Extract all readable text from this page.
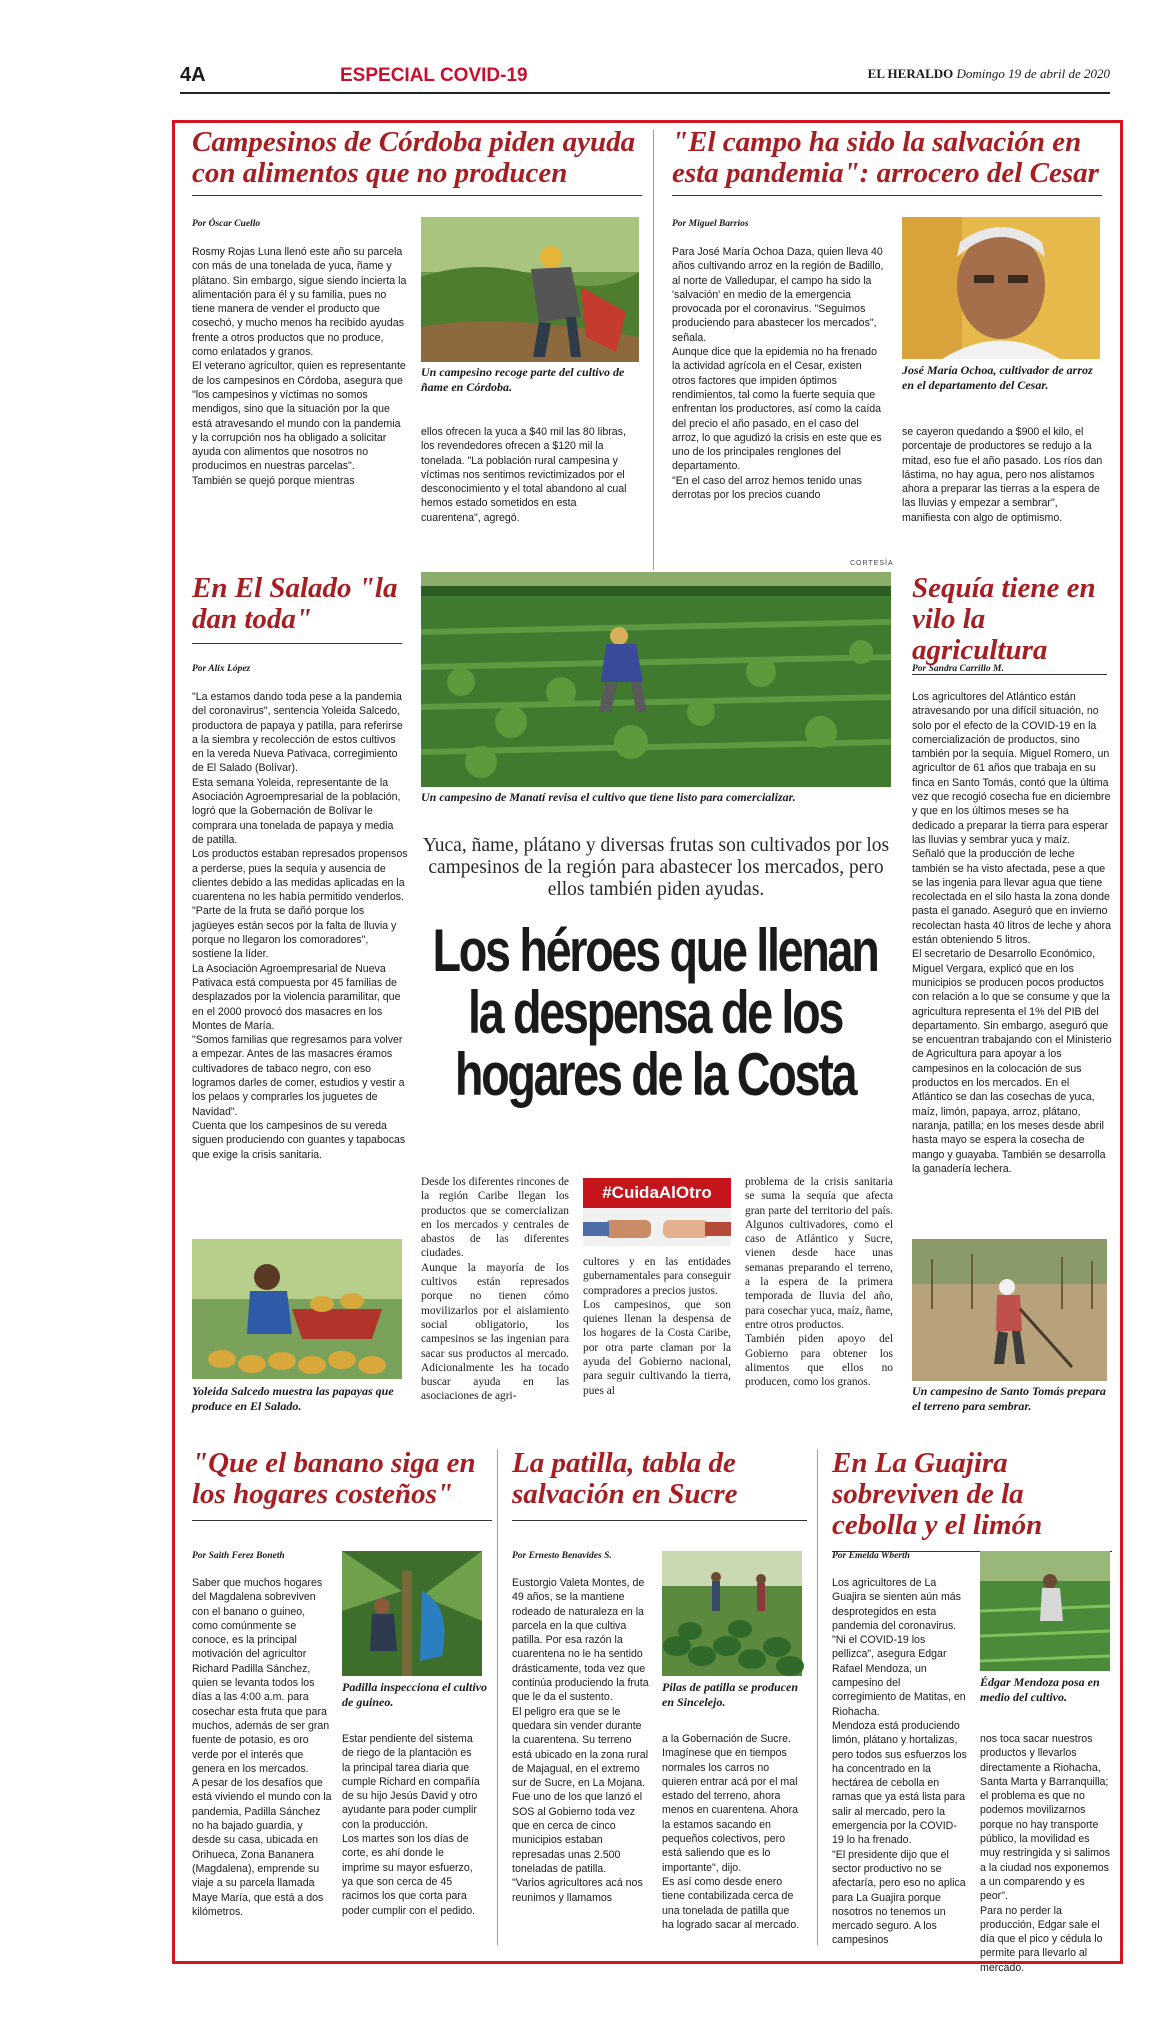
4A	ESPECIAL COVID-19	EL HERALDO Domingo 19 de abril de 2020
Campesinos de Córdoba piden ayuda con alimentos que no producen
Por Óscar Cuello
Rosmy Rojas Luna llenó este año su parcela con más de una tonelada de yuca, ñame y plátano. Sin embargo, sigue siendo incierta la alimentación para él y su familia, pues no tiene manera de vender el producto que cosechó, y mucho menos ha recibido ayudas frente a otros productos que no produce, como enlatados y granos.
El veterano agricultor, quien es representante de los campesinos en Córdoba, asegura que "los campesinos y víctimas no somos mendigos, sino que la situación por la que está atravesando el mundo con la pandemia y la corrupción nos ha obligado a solicitar ayuda con alimentos que nosotros no producimos en nuestras parcelas".
También se quejó porque mientras
Un campesino recoge parte del cultivo de ñame en Córdoba.
ellos ofrecen la yuca a $40 mil las 80 libras, los revendedores ofrecen a $120 mil la tonelada. "La población rural campesina y víctimas nos sentimos revictimizados por el desconocimiento y el total abandono al cual hemos estado sometidos en esta cuarentena", agregó.
"El campo ha sido la salvación en esta pandemia": arrocero del Cesar
Por Miguel Barrios
Para José María Ochoa Daza, quien lleva 40 años cultivando arroz en la región de Badillo, al norte de Valledupar, el campo ha sido la 'salvación' en medio de la emergencia provocada por el coronavirus. "Seguimos produciendo para abastecer los mercados", señala.
Aunque dice que la epidemia no ha frenado la actividad agrícola en el Cesar, existen otros factores que impiden óptimos rendimientos, tal como la fuerte sequía que enfrentan los productores, así como la caída del precio el año pasado, en el caso del arroz, lo que agudizó la crisis en este que es uno de los principales renglones del departamento.
"En el caso del arroz hemos tenido unas derrotas por los precios cuando
José María Ochoa, cultivador de arroz en el departamento del Cesar.
se cayeron quedando a $900 el kilo, el porcentaje de productores se redujo a la mitad, eso fue el año pasado. Los ríos dan lástima, no hay agua, pero nos alistamos ahora a preparar las tierras a la espera de las lluvias y empezar a sembrar", manifiesta con algo de optimismo.
En El Salado "la dan toda"
Por Alix López
"La estamos dando toda pese a la pandemia del coronavirus", sentencia Yoleida Salcedo, productora de papaya y patilla, para referirse a la siembra y recolección de estos cultivos en la vereda Nueva Pativaca, corregimiento de El Salado (Bolívar).
Esta semana Yoleida, representante de la Asociación Agroempresarial de la población, logró que la Gobernación de Bolívar le comprara una tonelada de papaya y media de patilla.
Los productos estaban represados propensos a perderse, pues la sequía y ausencia de clientes debido a las medidas aplicadas en la cuarentena no les había permitido venderlos.
"Parte de la fruta se dañó porque los jagüeyes están secos por la falta de lluvia y porque no llegaron los comoradores", sostiene la líder.
La Asociación Agroempresarial de Nueva Pativaca está compuesta por 45 familias de desplazados por la violencia paramilitar, que en el 2000 provocó dos masacres en los Montes de María.
"Somos familias que regresamos para volver a empezar. Antes de las masacres éramos cultivadores de tabaco negro, con eso logramos darles de comer, estudios y vestir a los pelaos y comprarles los juguetes de Navidad".
Cuenta que los campesinos de su vereda siguen produciendo con guantes y tapabocas que exige la crisis sanitaria.
Yoleida Salcedo muestra las papayas que produce en El Salado.
CORTESÍA
Un campesino de Manatí revisa el cultivo que tiene listo para comercializar.
Yuca, ñame, plátano y diversas frutas son cultivados por los campesinos de la región para abastecer los mercados, pero ellos también piden ayudas.
Los héroes que llenan la despensa de los hogares de la Costa
Desde los diferentes rincones de la región Caribe llegan los productos que se comercializan en los mercados y centrales de abastos de las diferentes ciudades.
Aunque la mayoría de los cultivos están represados porque no tienen cómo movilizarlos por el aislamiento social obligatorio, los campesinos se las ingenian para sacar sus productos al mercado. Adicionalmente les ha tocado buscar ayuda en las asociaciones de agri-
#CuidaAlOtro
cultores y en las entidades gubernamentales para conseguir compradores a precios justos.
Los campesinos, que son quienes llenan la despensa de los hogares de la Costa Caribe, por otra parte claman por la ayuda del Gobierno nacional, para seguir cultivando la tierra, pues al
problema de la crisis sanitaria se suma la sequía que afecta gran parte del territorio del país. Algunos cultivadores, como el caso de Atlántico y Sucre, vienen desde hace unas semanas preparando el terreno, a la espera de la primera temporada de lluvia del año, para cosechar yuca, maíz, ñame, entre otros productos.
También piden apoyo del Gobierno para obtener los alimentos que ellos no producen, como los granos.
Sequía tiene en vilo la agricultura
Por Sandra Carrillo M.
Los agricultores del Atlántico están atravesando por una difícil situación, no solo por el efecto de la COVID-19 en la comercialización de productos, sino también por la sequía. Miguel Romero, un agricultor de 61 años que trabaja en su finca en Santo Tomás, contó que la última vez que recogió cosecha fue en diciembre y que en los últimos meses se ha dedicado a preparar la tierra para esperar las lluvias y sembrar yuca y maíz.
Señaló que la producción de leche también se ha visto afectada, pese a que se las ingenia para llevar agua que tiene recolectada en el silo hasta la zona donde pasta el ganado. Aseguró que en invierno recolectan hasta 40 litros de leche y ahora están obteniendo 5 litros.
El secretario de Desarrollo Económico, Miguel Vergara, explicó que en los municipios se producen pocos productos con relación a lo que se consume y que la agricultura representa el 1% del PIB del departamento. Sin embargo, aseguró que se encuentran trabajando con el Ministerio de Agricultura para apoyar a los campesinos en la colocación de sus productos en los mercados. En el Atlántico se dan las cosechas de yuca, maíz, limón, papaya, arroz, plátano, naranja, patilla; en los meses desde abril hasta mayo se espera la cosecha de mango y guayaba. También se desarrolla la ganadería lechera.
Un campesino de Santo Tomás prepara el terreno para sembrar.
"Que el banano siga en los hogares costeños"
Por Saith Ferez Boneth
Saber que muchos hogares del Magdalena sobreviven con el banano o guineo, como comúnmente se conoce, es la principal motivación del agricultor Richard Padilla Sánchez, quien se levanta todos los días a las 4:00 a.m. para cosechar esta fruta que para muchos, además de ser gran fuente de potasio, es oro verde por el interés que genera en los mercados.
A pesar de los desafíos que está viviendo el mundo con la pandemia, Padilla Sánchez no ha bajado guardia, y desde su casa, ubicada en Orihueca, Zona Bananera (Magdalena), emprende su viaje a su parcela llamada Maye María, que está a dos kilómetros.
Padilla inspecciona el cultivo de guineo.
Estar pendiente del sistema de riego de la plantación es la principal tarea diaria que cumple Richard en compañía de su hijo Jesús David y otro ayudante para poder cumplir con la producción.
Los martes son los días de corte, es ahí donde le imprime su mayor esfuerzo, ya que son cerca de 45 racimos los que corta para poder cumplir con el pedido.
La patilla, tabla de salvación en Sucre
Por Ernesto Benavides S.
Eustorgio Valeta Montes, de 49 años, se la mantiene rodeado de naturaleza en la parcela en la que cultiva patilla. Por esa razón la cuarentena no le ha sentido drásticamente, toda vez que continúa produciendo la fruta que le da el sustento.
El peligro era que se le quedara sin vender durante la cuarentena. Su terreno está ubicado en la zona rural de Majagual, en el extremo sur de Sucre, en La Mojana. Fue uno de los que lanzó el SOS al Gobierno toda vez que en cerca de cinco municipios estaban represadas unas 2.500 toneladas de patilla.
"Varios agricultores acá nos reunimos y llamamos
Pilas de patilla se producen en Sincelejo.
a la Gobernación de Sucre. Imagínese que en tiempos normales los carros no quieren entrar acá por el mal estado del terreno, ahora menos en cuarentena. Ahora la estamos sacando en pequeños colectivos, pero está saliendo que es lo importante", dijo.
Es así como desde enero tiene contabilizada cerca de una tonelada de patilla que ha logrado sacar al mercado.
En La Guajira sobreviven de la cebolla y el limón
Por Emelda Wberth
Los agricultores de La Guajira se sienten aún más desprotegidos en esta pandemia del coronavirus. "Ni el COVID-19 los pellizca", asegura Edgar Rafael Mendoza, un campesino del corregimiento de Matitas, en Riohacha.
Mendoza está produciendo limón, plátano y hortalizas, pero todos sus esfuerzos los ha concentrado en la hectárea de cebolla en ramas que ya está lista para salir al mercado, pero la emergencia por la COVID-19 lo ha frenado.
"El presidente dijo que el sector productivo no se afectaría, pero eso no aplica para La Guajira porque nosotros no tenemos un mercado seguro. A los campesinos
Édgar Mendoza posa en medio del cultivo.
nos toca sacar nuestros productos y llevarlos directamente a Riohacha, Santa Marta y Barranquilla; el problema es que no podemos movilizarnos porque no hay transporte público, la movilidad es muy restringida y si salimos a la ciudad nos exponemos a un comparendo y es peor".
Para no perder la producción, Edgar sale el día que el pico y cédula lo permite para llevarlo al mercado.
